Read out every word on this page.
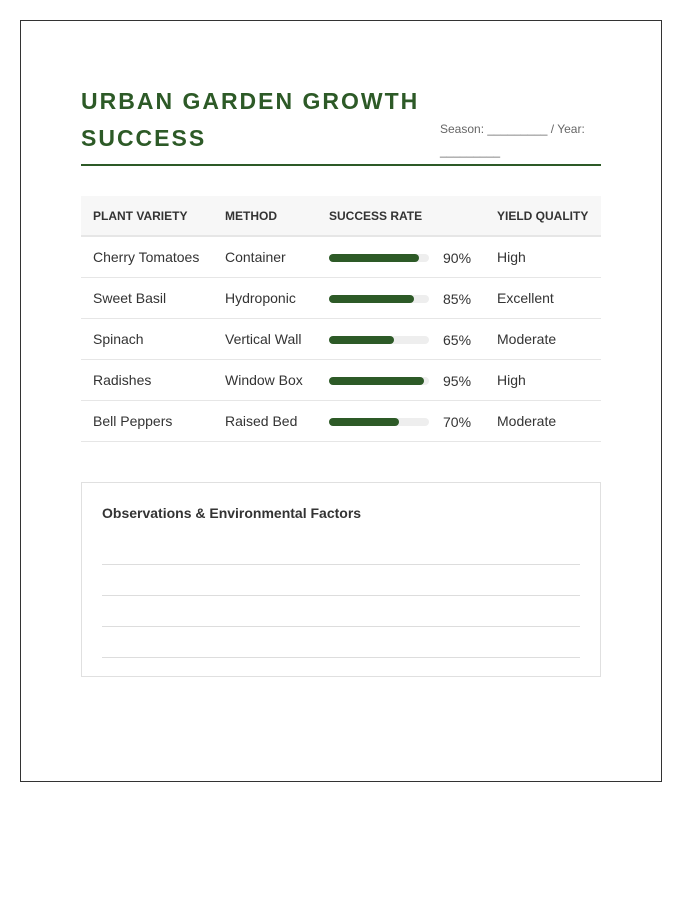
URBAN GARDEN GROWTH SUCCESS	Season: _________ / Year: _________
PLANT VARIETY	METHOD	SUCCESS RATE	YIELD QUALITY
Cherry Tomatoes	Container	90%	High
Sweet Basil	Hydroponic	85%	Excellent
Spinach	Vertical Wall	65%	Moderate
Radishes	Window Box	95%	High
Bell Peppers	Raised Bed	70%	Moderate
Observations & Environmental Factors
